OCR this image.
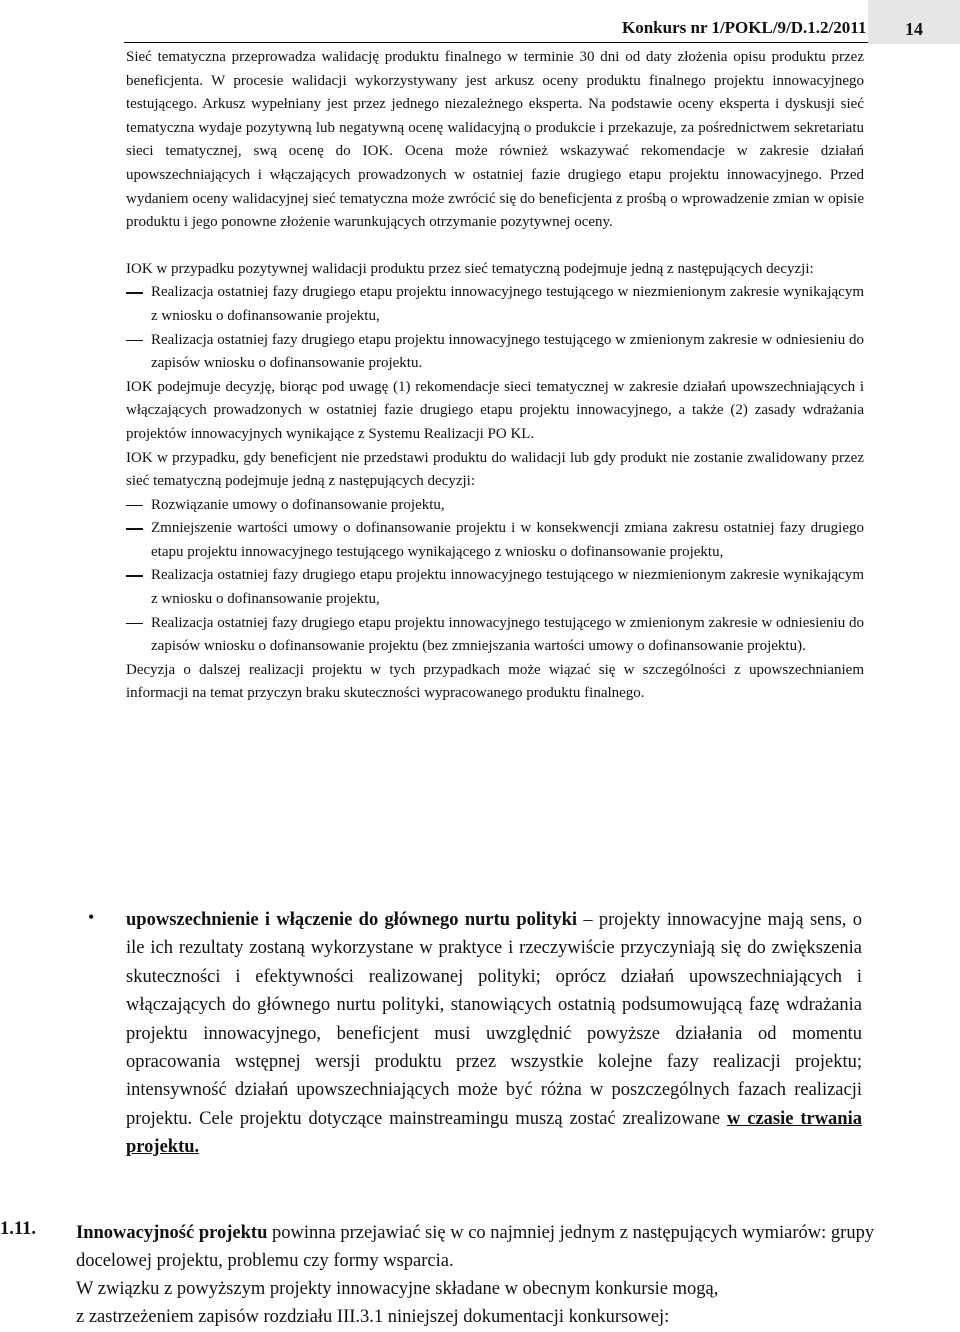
Konkurs nr 1/POKL/9/D.1.2/2011	14

Sieć tematyczna przeprowadza walidację produktu finalnego w terminie 30 dni od daty złożenia opisu produktu przez beneficjenta. W procesie walidacji wykorzystywany jest arkusz oceny produktu finalnego projektu innowacyjnego testującego. Arkusz wypełniany jest przez jednego niezależnego eksperta. Na podstawie oceny eksperta i dyskusji sieć tematyczna wydaje pozytywną lub negatywną ocenę walidacyjną o produkcie i przekazuje, za pośrednictwem sekretariatu sieci tematycznej, swą ocenę do IOK. Ocena może również wskazywać rekomendacje w zakresie działań upowszechniających i włączających prowadzonych w ostatniej fazie drugiego etapu projektu innowacyjnego. Przed wydaniem oceny walidacyjnej sieć tematyczna może zwrócić się do beneficjenta z prośbą o wprowadzenie zmian w opisie produktu i jego ponowne złożenie warunkujących otrzymanie pozytywnej oceny.

IOK w przypadku pozytywnej walidacji produktu przez sieć tematyczną podejmuje jedną z następujących decyzji:

Realizacja ostatniej fazy drugiego etapu projektu innowacyjnego testującego w niezmienionym zakresie wynikającym z wniosku o dofinansowanie projektu,

Realizacja ostatniej fazy drugiego etapu projektu innowacyjnego testującego w zmienionym zakresie w odniesieniu do zapisów wniosku o dofinansowanie projektu.

IOK podejmuje decyzję, biorąc pod uwagę (1) rekomendacje sieci tematycznej w zakresie działań upowszechniających i włączających prowadzonych w ostatniej fazie drugiego etapu projektu innowacyjnego, a także (2) zasady wdrażania projektów innowacyjnych wynikające z Systemu Realizacji PO KL.

IOK w przypadku, gdy beneficjent nie przedstawi produktu do walidacji lub gdy produkt nie zostanie zwalidowany przez sieć tematyczną podejmuje jedną z następujących decyzji:

Rozwiązanie umowy o dofinansowanie projektu,

Zmniejszenie wartości umowy o dofinansowanie projektu i w konsekwencji zmiana zakresu ostatniej fazy drugiego etapu projektu innowacyjnego testującego wynikającego z wniosku o dofinansowanie projektu,

Realizacja ostatniej fazy drugiego etapu projektu innowacyjnego testującego w niezmienionym zakresie wynikającym z wniosku o dofinansowanie projektu,

Realizacja ostatniej fazy drugiego etapu projektu innowacyjnego testującego w zmienionym zakresie w odniesieniu do zapisów wniosku o dofinansowanie projektu (bez zmniejszania wartości umowy o dofinansowanie projektu).

Decyzja o dalszej realizacji projektu w tych przypadkach może wiązać się w szczególności z upowszechnianiem informacji na temat przyczyn braku skuteczności wypracowanego produktu finalnego.

• upowszechnienie i włączenie do głównego nurtu polityki – projekty innowacyjne mają sens, o ile ich rezultaty zostaną wykorzystane w praktyce i rzeczywiście przyczyniają się do zwiększenia skuteczności i efektywności realizowanej polityki; oprócz działań upowszechniających i włączających do głównego nurtu polityki, stanowiących ostatnią podsumowującą fazę wdrażania projektu innowacyjnego, beneficjent musi uwzględnić powyższe działania od momentu opracowania wstępnej wersji produktu przez wszystkie kolejne fazy realizacji projektu; intensywność działań upowszechniających może być różna w poszczególnych fazach realizacji projektu. Cele projektu dotyczące mainstreamingu muszą zostać zrealizowane w czasie trwania projektu.
1.11. Innowacyjność projektu powinna przejawiać się w co najmniej jednym z następujących wymiarów: grupy docelowej projektu, problemu czy formy wsparcia.

W związku z powyższym projekty innowacyjne składane w obecnym konkursie mogą,

z zastrzeżeniem zapisów rozdziału III.3.1 niniejszej dokumentacji konkursowej:
